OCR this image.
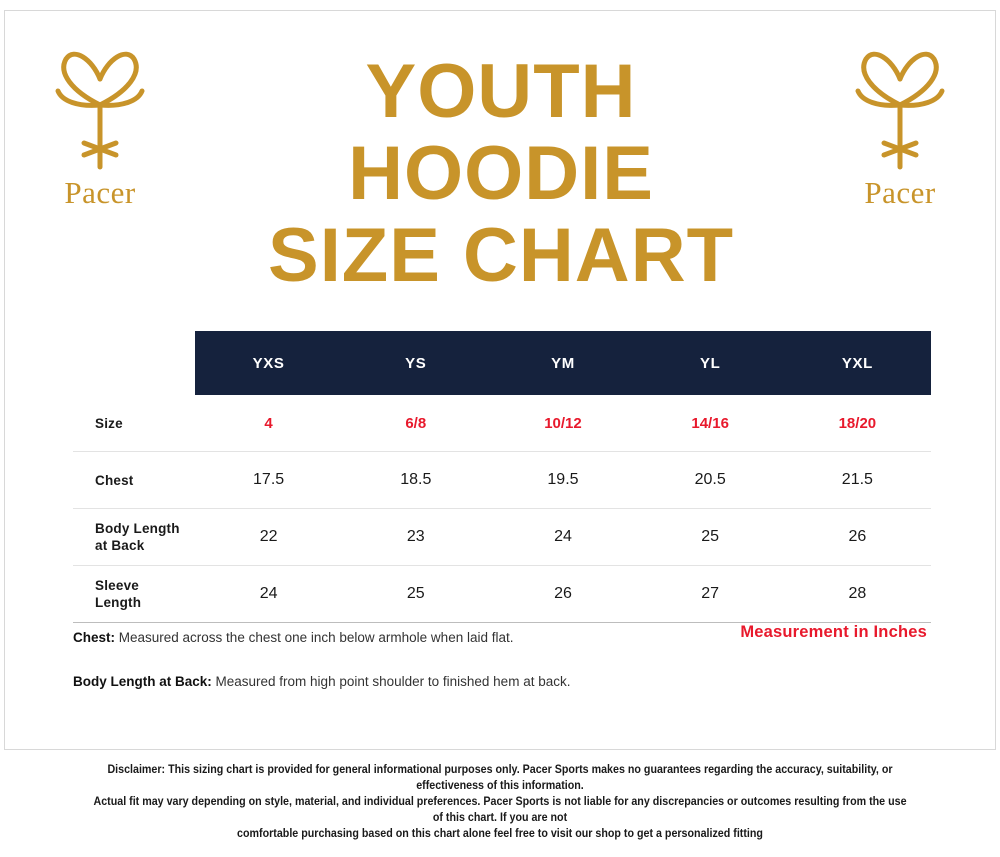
Pacer	Pacer
YOUTH
HOODIE
SIZE CHART
	YXS	YS	YM	YL	YXL
Size	4	6/8	10/12	14/16	18/20
Chest	17.5	18.5	19.5	20.5	21.5
Body Length
at Back	22	23	24	25	26
Sleeve
Length	24	25	26	27	28
Chest: Measured across the chest one inch below armhole when laid flat.
Body Length at Back: Measured from high point shoulder to finished hem at back.
Measurement in Inches
Disclaimer: This sizing chart is provided for general informational purposes only. Pacer Sports makes no guarantees regarding the accuracy, suitability, or effectiveness of this information.
Actual fit may vary depending on style, material, and individual preferences. Pacer Sports is not liable for any discrepancies or outcomes resulting from the use of this chart. If you are not
comfortable purchasing based on this chart alone feel free to visit our shop to get a personalized fitting
